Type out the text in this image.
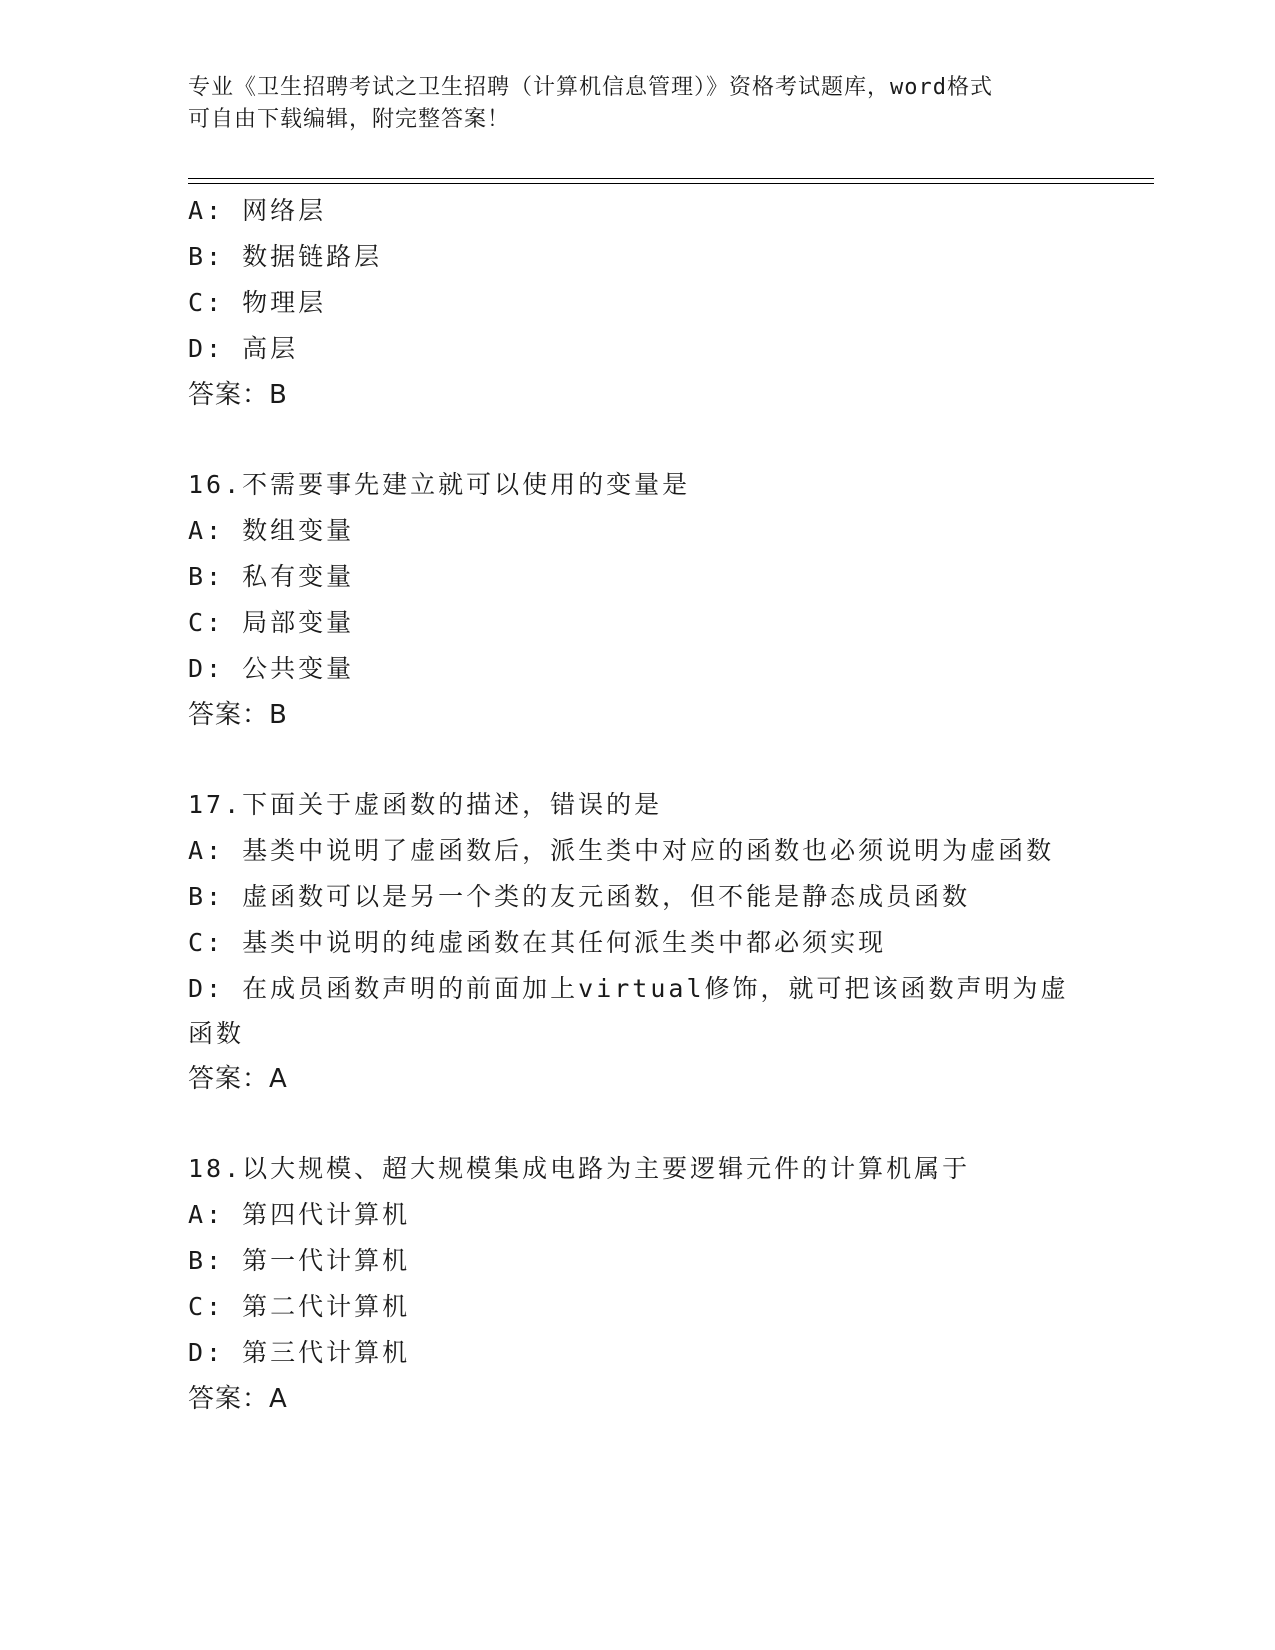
专业《卫生招聘考试之卫生招聘（计算机信息管理）》资格考试题库，word格式
可自由下载编辑，附完整答案！
A: 网络层
B: 数据链路层
C: 物理层
D: 高层
答案：B
16.不需要事先建立就可以使用的变量是
A: 数组变量
B: 私有变量
C: 局部变量
D: 公共变量
答案：B
17.下面关于虚函数的描述，错误的是
A: 基类中说明了虚函数后，派生类中对应的函数也必须说明为虚函数
B: 虚函数可以是另一个类的友元函数，但不能是静态成员函数
C: 基类中说明的纯虚函数在其任何派生类中都必须实现
D: 在成员函数声明的前面加上virtual修饰，就可把该函数声明为虚函数
答案：A
18.以大规模、超大规模集成电路为主要逻辑元件的计算机属于
A: 第四代计算机
B: 第一代计算机
C: 第二代计算机
D: 第三代计算机
答案：A
